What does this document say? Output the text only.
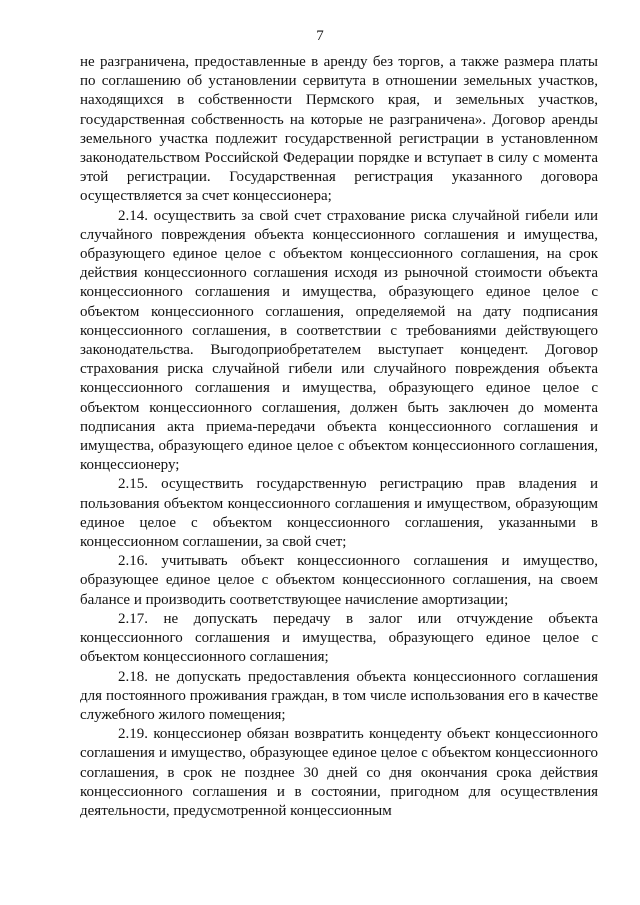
7

не разграничена, предоставленные в аренду без торгов, а также размера платы по соглашению об установлении сервитута в отношении земельных участков, находящихся в собственности Пермского края, и земельных участков, государственная собственность на которые не разграничена». Договор аренды земельного участка подлежит государственной регистрации в установленном законодательством Российской Федерации порядке и вступает в силу с момента этой регистрации. Государственная регистрация указанного договора осуществляется за счет концессионера;

2.14. осуществить за свой счет страхование риска случайной гибели или случайного повреждения объекта концессионного соглашения и имущества, образующего единое целое с объектом концессионного соглашения, на срок действия концессионного соглашения исходя из рыночной стоимости объекта концессионного соглашения и имущества, образующего единое целое с объектом концессионного соглашения, определяемой на дату подписания концессионного соглашения, в соответствии с требованиями действующего законодательства. Выгодоприобретателем выступает концедент. Договор страхования риска случайной гибели или случайного повреждения объекта концессионного соглашения и имущества, образующего единое целое с объектом концессионного соглашения, должен быть заключен до момента подписания акта приема-передачи объекта концессионного соглашения и имущества, образующего единое целое с объектом концессионного соглашения, концессионеру;

2.15. осуществить государственную регистрацию прав владения и пользования объектом концессионного соглашения и имуществом, образующим единое целое с объектом концессионного соглашения, указанными в концессионном соглашении, за свой счет;

2.16. учитывать объект концессионного соглашения и имущество, образующее единое целое с объектом концессионного соглашения, на своем балансе и производить соответствующее начисление амортизации;

2.17. не допускать передачу в залог или отчуждение объекта концессионного соглашения и имущества, образующего единое целое с объектом концессионного соглашения;

2.18. не допускать предоставления объекта концессионного соглашения для постоянного проживания граждан, в том числе использования его в качестве служебного жилого помещения;

2.19. концессионер обязан возвратить концеденту объект концессионного соглашения и имущество, образующее единое целое с объектом концессионного соглашения, в срок не позднее 30 дней со дня окончания срока действия концессионного соглашения и в состоянии, пригодном для осуществления деятельности, предусмотренной концессионным
